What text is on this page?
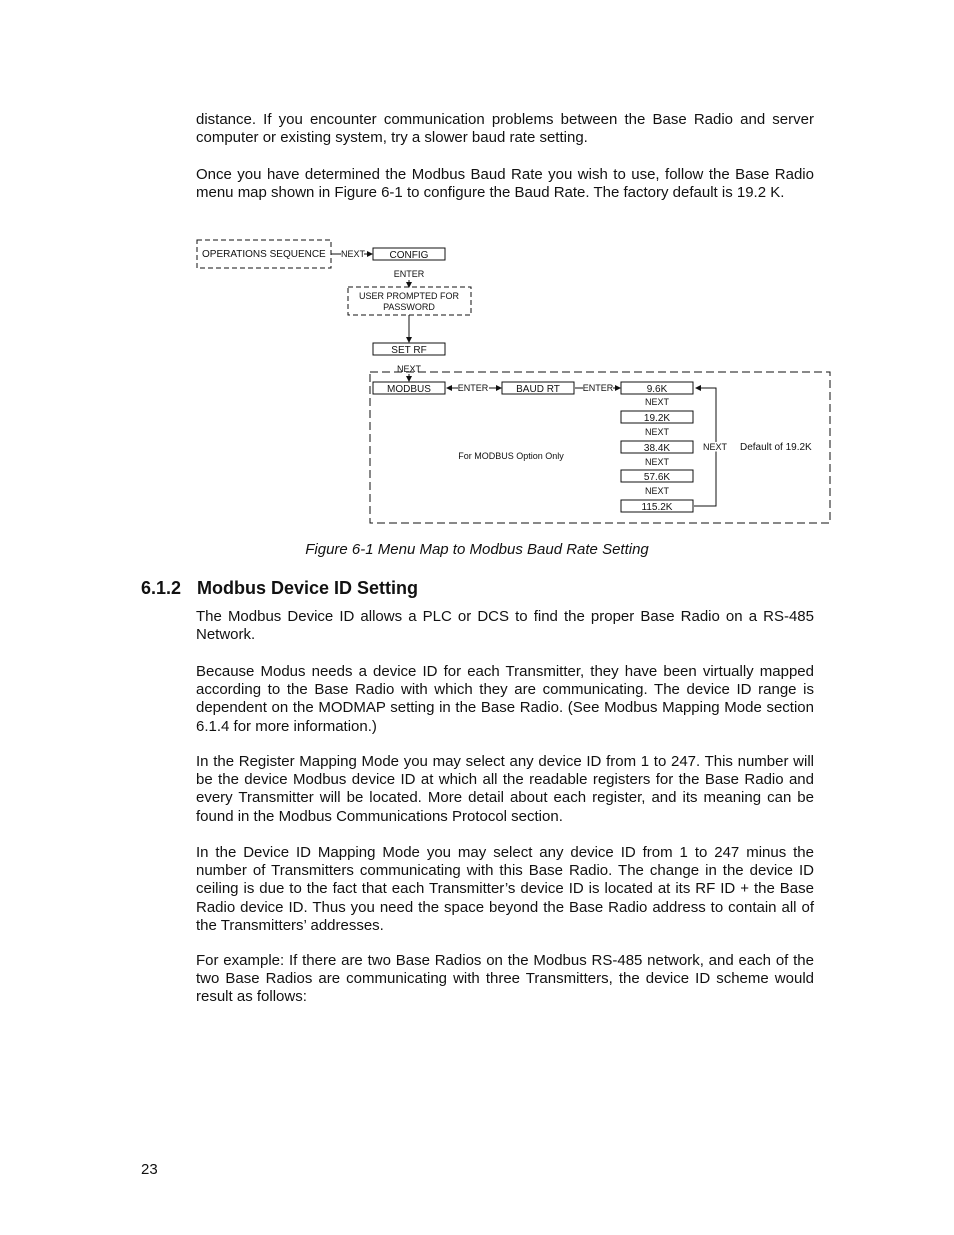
distance. If you encounter communication problems between the Base Radio and server computer or existing system, try a slower baud rate setting.

Once you have determined the Modbus Baud Rate you wish to use, follow the Base Radio menu map shown in Figure 6-1 to configure the Baud Rate. The factory default is 19.2 K.

OPERATIONS SEQUENCE NEXT CONFIG
ENTER
USER PROMPTED FOR
PASSWORD
SET RF
NEXT
MODBUS	ENTER	BAUD RT	ENTER	9.6K
NEXT
19.2K
NEXT
38.4K
NEXT
57.6K
NEXT
115.2K
NEXT
For MODBUS Option Only
Default of 19.2K
Figure 6-1 Menu Map to Modbus Baud Rate Setting
6.1.2 Modbus Device ID Setting

The Modbus Device ID allows a PLC or DCS to find the proper Base Radio on a RS-485 Network.

Because Modus needs a device ID for each Transmitter, they have been virtually mapped according to the Base Radio with which they are communicating. The device ID range is dependent on the MODMAP setting in the Base Radio. (See Modbus Mapping Mode section 6.1.4 for more information.)

In the Register Mapping Mode you may select any device ID from 1 to 247. This number will be the device Modbus device ID at which all the readable registers for the Base Radio and every Transmitter will be located. More detail about each register, and its meaning can be found in the Modbus Communications Protocol section.

In the Device ID Mapping Mode you may select any device ID from 1 to 247 minus the number of Transmitters communicating with this Base Radio. The change in the device ID ceiling is due to the fact that each Transmitter’s device ID is located at its RF ID + the Base Radio device ID. Thus you need the space beyond the Base Radio address to contain all of the Transmitters’ addresses.

For example: If there are two Base Radios on the Modbus RS-485 network, and each of the two Base Radios are communicating with three Transmitters, the device ID scheme would result as follows:

23
